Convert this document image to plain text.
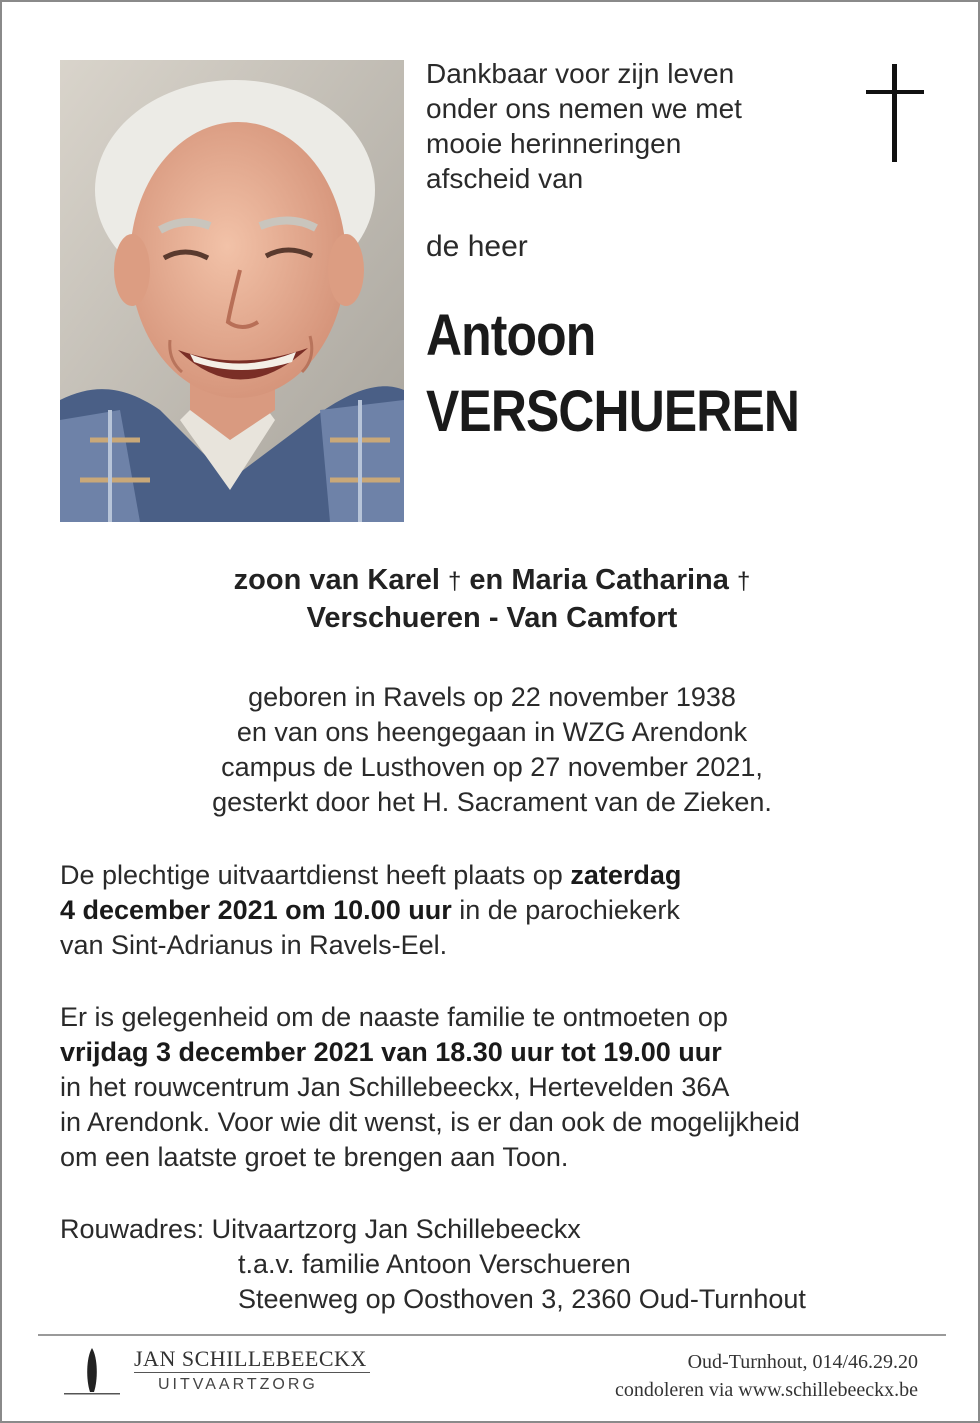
Dankbaar voor zijn leven
onder ons nemen we met
mooie herinneringen
afscheid van
de heer
Antoon
VERSCHUEREN
zoon van Karel † en Maria Catharina †
Verschueren - Van Camfort
geboren in Ravels op 22 november 1938
en van ons heengegaan in WZG Arendonk
campus de Lusthoven op 27 november 2021,
gesterkt door het H. Sacrament van de Zieken.
De plechtige uitvaartdienst heeft plaats op zaterdag
4 december 2021 om 10.00 uur in de parochiekerk
van Sint-Adrianus in Ravels-Eel.
Er is gelegenheid om de naaste familie te ontmoeten op
vrijdag 3 december 2021 van 18.30 uur tot 19.00 uur
in het rouwcentrum Jan Schillebeeckx, Hertevelden 36A
in Arendonk. Voor wie dit wenst, is er dan ook de mogelijkheid
om een laatste groet te brengen aan Toon.
Rouwadres: Uitvaartzorg Jan Schillebeeckx
t.a.v. familie Antoon Verschueren
Steenweg op Oosthoven 3, 2360 Oud-Turnhout
JAN SCHILLEBEECKX
UITVAARTZORG
Oud-Turnhout, 014/46.29.20
condoleren via www.schillebeeckx.be
